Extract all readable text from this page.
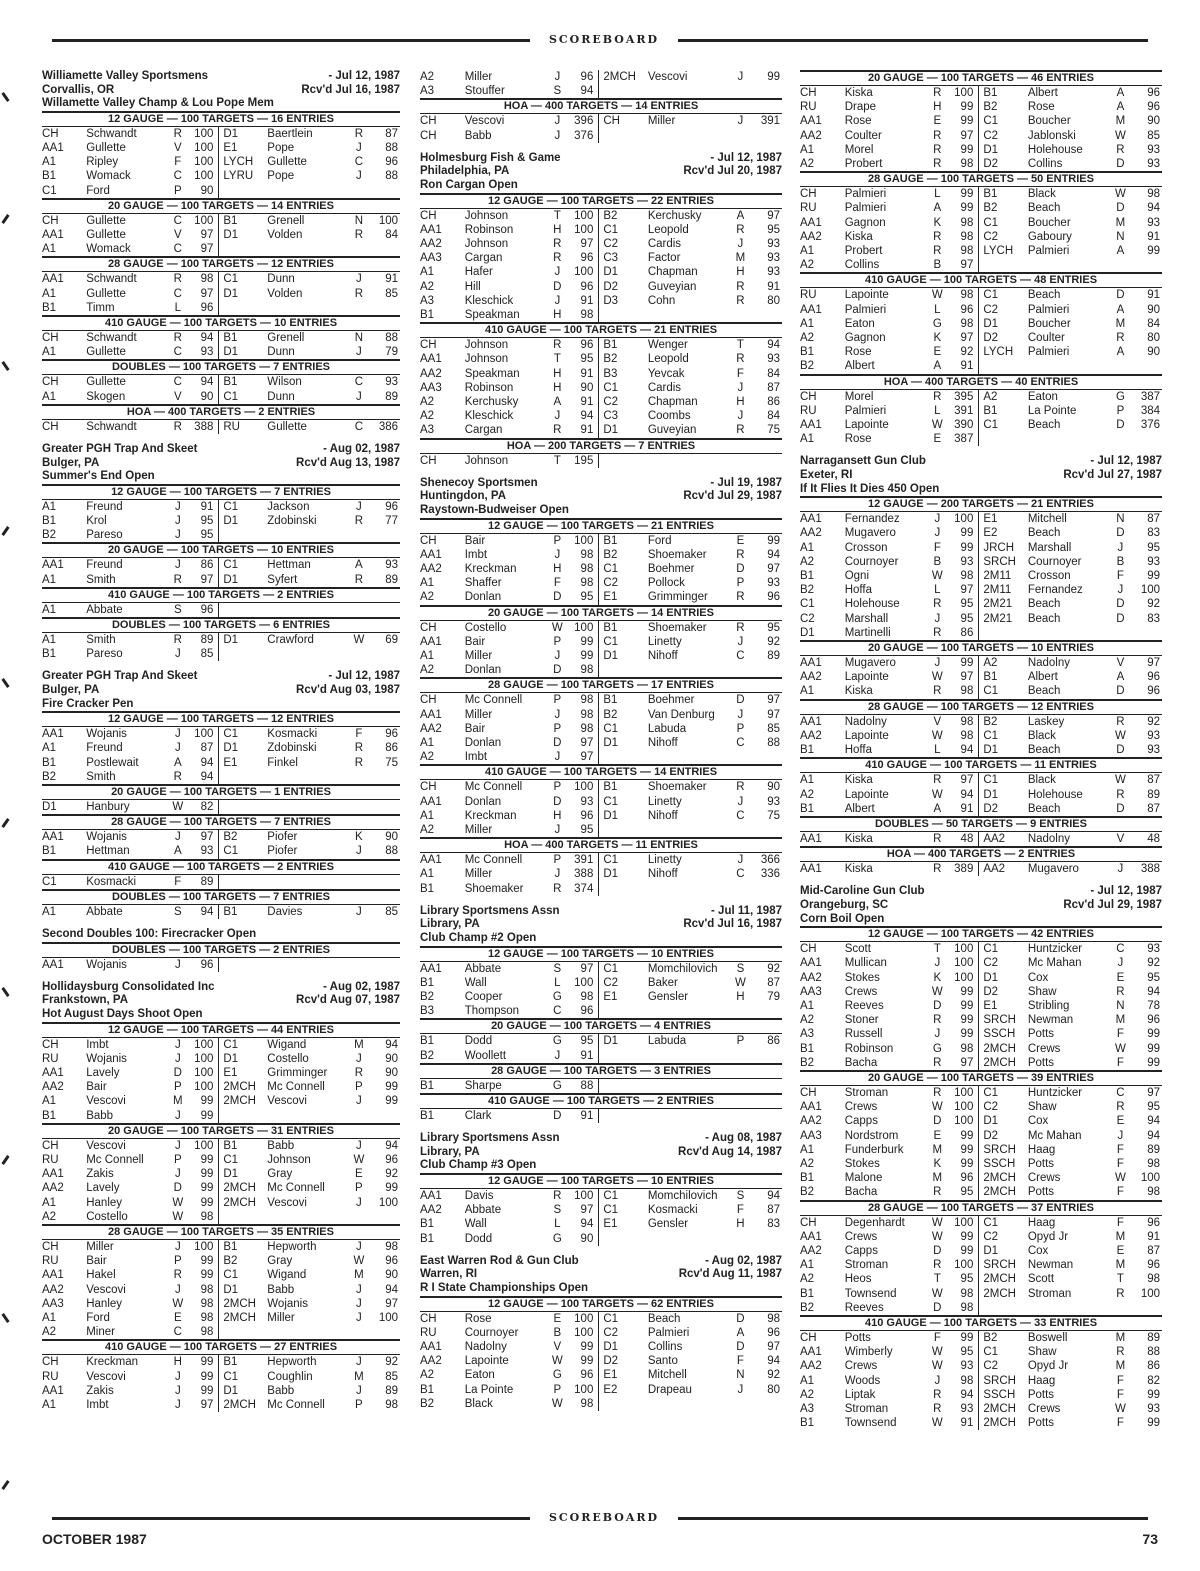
SCOREBOARD
Williamette Valley Sportsmens	- Jul 12, 1987
Corvallis, OR	Rcv'd Jul 16, 1987
Willamette Valley Champ & Lou Pope Mem
12 GAUGE — 100 TARGETS — 16 ENTRIES
CH	Schwandt	R	100	D1	Baertlein	R	87
AA1	Gullette	V	100	E1	Pope	J	88
A1	Ripley	F	100	LYCH	Gullette	C	96
B1	Womack	C	100	LYRU	Pope	J	88
C1	Ford	P	90				
20 GAUGE — 100 TARGETS — 14 ENTRIES
CH	Gullette	C	100	B1	Grenell	N	100
AA1	Gullette	V	97	D1	Volden	R	84
A1	Womack	C	97				
28 GAUGE — 100 TARGETS — 12 ENTRIES
AA1	Schwandt	R	98	C1	Dunn	J	91
A1	Gullette	C	97	D1	Volden	R	85
B1	Timm	L	96				
410 GAUGE — 100 TARGETS — 10 ENTRIES
CH	Schwandt	R	94	B1	Grenell	N	88
A1	Gullette	C	93	D1	Dunn	J	79
DOUBLES — 100 TARGETS — 7 ENTRIES
CH	Gullette	C	94	B1	Wilson	C	93
A1	Skogen	V	90	C1	Dunn	J	89
HOA — 400 TARGETS — 2 ENTRIES
CH	Schwandt	R	388	RU	Gullette	C	386
Greater PGH Trap And Skeet	- Aug 02, 1987
Bulger, PA	Rcv'd Aug 13, 1987
Summer's End Open
12 GAUGE — 100 TARGETS — 7 ENTRIES
A1	Freund	J	91	C1	Jackson	J	96
B1	Krol	J	95	D1	Zdobinski	R	77
B2	Pareso	J	95				
20 GAUGE — 100 TARGETS — 10 ENTRIES
AA1	Freund	J	86	C1	Hettman	A	93
A1	Smith	R	97	D1	Syfert	R	89
410 GAUGE — 100 TARGETS — 2 ENTRIES
A1	Abbate	S	96				
DOUBLES — 100 TARGETS — 6 ENTRIES
A1	Smith	R	89	D1	Crawford	W	69
B1	Pareso	J	85				
Greater PGH Trap And Skeet	- Jul 12, 1987
Bulger, PA	Rcv'd Aug 03, 1987
Fire Cracker Pen
12 GAUGE — 100 TARGETS — 12 ENTRIES
AA1	Wojanis	J	100	C1	Kosmacki	F	96
A1	Freund	J	87	D1	Zdobinski	R	86
B1	Postlewait	A	94	E1	Finkel	R	75
B2	Smith	R	94				
20 GAUGE — 100 TARGETS — 1 ENTRIES
D1	Hanbury	W	82				
28 GAUGE — 100 TARGETS — 7 ENTRIES
AA1	Wojanis	J	97	B2	Piofer	K	90
B1	Hettman	A	93	C1	Piofer	J	88
410 GAUGE — 100 TARGETS — 2 ENTRIES
C1	Kosmacki	F	89				
DOUBLES — 100 TARGETS — 7 ENTRIES
A1	Abbate	S	94	B1	Davies	J	85
Second Doubles 100: Firecracker Open
DOUBLES — 100 TARGETS — 2 ENTRIES
AA1	Wojanis	J	96				
Hollidaysburg Consolidated Inc	- Aug 02, 1987
Frankstown, PA	Rcv'd Aug 07, 1987
Hot August Days Shoot Open
12 GAUGE — 100 TARGETS — 44 ENTRIES
CH	Imbt	J	100	C1	Wigand	M	94
RU	Wojanis	J	100	D1	Costello	J	90
AA1	Lavely	D	100	E1	Grimminger	R	90
AA2	Bair	P	100	2MCH	Mc Connell	P	99
A1	Vescovi	M	99	2MCH	Vescovi	J	99
B1	Babb	J	99				
20 GAUGE — 100 TARGETS — 31 ENTRIES
CH	Vescovi	J	100	B1	Babb	J	94
RU	Mc Connell	P	99	C1	Johnson	W	96
AA1	Zakis	J	99	D1	Gray	E	92
AA2	Lavely	D	99	2MCH	Mc Connell	P	99
A1	Hanley	W	99	2MCH	Vescovi	J	100
A2	Costello	W	98				
28 GAUGE — 100 TARGETS — 35 ENTRIES
CH	Miller	J	100	B1	Hepworth	J	98
RU	Bair	P	99	B2	Gray	W	96
AA1	Hakel	R	99	C1	Wigand	M	90
AA2	Vescovi	J	98	D1	Babb	J	94
AA3	Hanley	W	98	2MCH	Wojanis	J	97
A1	Ford	E	98	2MCH	Miller	J	100
A2	Miner	C	98				
410 GAUGE — 100 TARGETS — 27 ENTRIES
CH	Kreckman	H	99	B1	Hepworth	J	92
RU	Vescovi	J	99	C1	Coughlin	M	85
AA1	Zakis	J	99	D1	Babb	J	89
A1	Imbt	J	97	2MCH	Mc Connell	P	98
A2	Miller	J	96	2MCH	Vescovi	J	99
A3	Stouffer	S	94				
HOA — 400 TARGETS — 14 ENTRIES
CH	Vescovi	J	396	CH	Miller	J	391
CH	Babb	J	376				
Holmesburg Fish & Game	- Jul 12, 1987
Philadelphia, PA	Rcv'd Jul 20, 1987
Ron Cargan Open
12 GAUGE — 100 TARGETS — 22 ENTRIES
CH	Johnson	T	100	B2	Kerchusky	A	97
AA1	Robinson	H	100	C1	Leopold	R	95
AA2	Johnson	R	97	C2	Cardis	J	93
AA3	Cargan	R	96	C3	Factor	M	93
A1	Hafer	J	100	D1	Chapman	H	93
A2	Hill	D	96	D2	Guveyian	R	91
A3	Kleschick	J	91	D3	Cohn	R	80
B1	Speakman	H	98				
410 GAUGE — 100 TARGETS — 21 ENTRIES
CH	Johnson	R	96	B1	Wenger	T	94
AA1	Johnson	T	95	B2	Leopold	R	93
AA2	Speakman	H	91	B3	Yevcak	F	84
AA3	Robinson	H	90	C1	Cardis	J	87
A2	Kerchusky	A	91	C2	Chapman	H	86
A2	Kleschick	J	94	C3	Coombs	J	84
A3	Cargan	R	91	D1	Guveyian	R	75
HOA — 200 TARGETS — 7 ENTRIES
CH	Johnson	T	195				
Shenecoy Sportsmen	- Jul 19, 1987
Huntingdon, PA	Rcv'd Jul 29, 1987
Raystown-Budweiser Open
12 GAUGE — 100 TARGETS — 21 ENTRIES
CH	Bair	P	100	B1	Ford	E	99
AA1	Imbt	J	98	B2	Shoemaker	R	94
AA2	Kreckman	H	98	C1	Boehmer	D	97
A1	Shaffer	F	98	C2	Pollock	P	93
A2	Donlan	D	95	E1	Grimminger	R	96
20 GAUGE — 100 TARGETS — 14 ENTRIES
CH	Costello	W	100	B1	Shoemaker	R	95
AA1	Bair	P	99	C1	Linetty	J	92
A1	Miller	J	99	D1	Nihoff	C	89
A2	Donlan	D	98				
28 GAUGE — 100 TARGETS — 17 ENTRIES
CH	Mc Connell	P	98	B1	Boehmer	D	97
AA1	Miller	J	98	B2	Van Denburg	J	97
AA2	Bair	P	98	C1	Labuda	P	85
A1	Donlan	D	97	D1	Nihoff	C	88
A2	Imbt	J	97				
410 GAUGE — 100 TARGETS — 14 ENTRIES
CH	Mc Connell	P	100	B1	Shoemaker	R	90
AA1	Donlan	D	93	C1	Linetty	J	93
A1	Kreckman	H	96	D1	Nihoff	C	75
A2	Miller	J	95				
HOA — 400 TARGETS — 11 ENTRIES
AA1	Mc Connell	P	391	C1	Linetty	J	366
A1	Miller	J	388	D1	Nihoff	C	336
B1	Shoemaker	R	374				
Library Sportsmens Assn	- Jul 11, 1987
Library, PA	Rcv'd Jul 16, 1987
Club Champ #2 Open
12 GAUGE — 100 TARGETS — 10 ENTRIES
AA1	Abbate	S	97	C1	Momchilovich	S	92
B1	Wall	L	100	C2	Baker	W	87
B2	Cooper	G	98	E1	Gensler	H	79
B3	Thompson	C	96				
20 GAUGE — 100 TARGETS — 4 ENTRIES
B1	Dodd	G	95	D1	Labuda	P	86
B2	Woollett	J	91				
28 GAUGE — 100 TARGETS — 3 ENTRIES
B1	Sharpe	G	88				
410 GAUGE — 100 TARGETS — 2 ENTRIES
B1	Clark	D	91				
Library Sportsmens Assn	- Aug 08, 1987
Library, PA	Rcv'd Aug 14, 1987
Club Champ #3 Open
12 GAUGE — 100 TARGETS — 10 ENTRIES
AA1	Davis	R	100	C1	Momchilovich	S	94
AA2	Abbate	S	97	C1	Kosmacki	F	87
B1	Wall	L	94	E1	Gensler	H	83
B1	Dodd	G	90				
East Warren Rod & Gun Club	- Aug 02, 1987
Warren, RI	Rcv'd Aug 11, 1987
R I State Championships Open
12 GAUGE — 100 TARGETS — 62 ENTRIES
CH	Rose	E	100	C1	Beach	D	98
RU	Cournoyer	B	100	C2	Palmieri	A	96
AA1	Nadolny	V	99	D1	Collins	D	97
AA2	Lapointe	W	99	D2	Santo	F	94
A2	Eaton	G	96	E1	Mitchell	N	92
B1	La Pointe	P	100	E2	Drapeau	J	80
B2	Black	W	98				
20 GAUGE — 100 TARGETS — 46 ENTRIES
CH	Kiska	R	100	B1	Albert	A	96
RU	Drape	H	99	B2	Rose	A	96
AA1	Rose	E	99	C1	Boucher	M	90
AA2	Coulter	R	97	C2	Jablonski	W	85
A1	Morel	R	99	D1	Holehouse	R	93
A2	Probert	R	98	D2	Collins	D	93
28 GAUGE — 100 TARGETS — 50 ENTRIES
CH	Palmieri	L	99	B1	Black	W	98
RU	Palmieri	A	99	B2	Beach	D	94
AA1	Gagnon	K	98	C1	Boucher	M	93
AA2	Kiska	R	98	C2	Gaboury	N	91
A1	Probert	R	98	LYCH	Palmieri	A	99
A2	Collins	B	97				
410 GAUGE — 100 TARGETS — 48 ENTRIES
RU	Lapointe	W	98	C1	Beach	D	91
AA1	Palmieri	L	96	C2	Palmieri	A	90
A1	Eaton	G	98	D1	Boucher	M	84
A2	Gagnon	K	97	D2	Coulter	R	80
B1	Rose	E	92	LYCH	Palmieri	A	90
B2	Albert	A	91				
HOA — 400 TARGETS — 40 ENTRIES
CH	Morel	R	395	A2	Eaton	G	387
RU	Palmieri	L	391	B1	La Pointe	P	384
AA1	Lapointe	W	390	C1	Beach	D	376
A1	Rose	E	387				
Narragansett Gun Club	- Jul 12, 1987
Exeter, RI	Rcv'd Jul 27, 1987
If It Flies It Dies 450 Open
12 GAUGE — 200 TARGETS — 21 ENTRIES
AA1	Fernandez	J	100	E1	Mitchell	N	87
AA2	Mugavero	J	99	E2	Beach	D	83
A1	Crosson	F	99	JRCH	Marshall	J	95
A2	Cournoyer	B	93	SRCH	Cournoyer	B	93
B1	Ogni	W	98	2M11	Crosson	F	99
B2	Hoffa	L	97	2M11	Fernandez	J	100
C1	Holehouse	R	95	2M21	Beach	D	92
C2	Marshall	J	95	2M21	Beach	D	83
D1	Martinelli	R	86				
20 GAUGE — 100 TARGETS — 10 ENTRIES
AA1	Mugavero	J	99	A2	Nadolny	V	97
AA2	Lapointe	W	97	B1	Albert	A	96
A1	Kiska	R	98	C1	Beach	D	96
28 GAUGE — 100 TARGETS — 12 ENTRIES
AA1	Nadolny	V	98	B2	Laskey	R	92
AA2	Lapointe	W	98	C1	Black	W	93
B1	Hoffa	L	94	D1	Beach	D	93
410 GAUGE — 100 TARGETS — 11 ENTRIES
A1	Kiska	R	97	C1	Black	W	87
A2	Lapointe	W	94	D1	Holehouse	R	89
B1	Albert	A	91	D2	Beach	D	87
DOUBLES — 50 TARGETS — 9 ENTRIES
AA1	Kiska	R	48	AA2	Nadolny	V	48
HOA — 400 TARGETS — 2 ENTRIES
AA1	Kiska	R	389	AA2	Mugavero	J	388
Mid-Caroline Gun Club	- Jul 12, 1987
Orangeburg, SC	Rcv'd Jul 29, 1987
Corn Boil Open
12 GAUGE — 100 TARGETS — 42 ENTRIES
CH	Scott	T	100	C1	Huntzicker	C	93
AA1	Mullican	J	100	C2	Mc Mahan	J	92
AA2	Stokes	K	100	D1	Cox	E	95
AA3	Crews	W	99	D2	Shaw	R	94
A1	Reeves	D	99	E1	Stribling	N	78
A2	Stoner	R	99	SRCH	Newman	M	96
A3	Russell	J	99	SSCH	Potts	F	99
B1	Robinson	G	98	2MCH	Crews	W	99
B2	Bacha	R	97	2MCH	Potts	F	99
20 GAUGE — 100 TARGETS — 39 ENTRIES
CH	Stroman	R	100	C1	Huntzicker	C	97
AA1	Crews	W	100	C2	Shaw	R	95
AA2	Capps	D	100	D1	Cox	E	94
AA3	Nordstrom	E	99	D2	Mc Mahan	J	94
A1	Funderburk	M	99	SRCH	Haag	F	89
A2	Stokes	K	99	SSCH	Potts	F	98
B1	Malone	M	96	2MCH	Crews	W	100
B2	Bacha	R	95	2MCH	Potts	F	98
28 GAUGE — 100 TARGETS — 37 ENTRIES
CH	Degenhardt	W	100	C1	Haag	F	96
AA1	Crews	W	99	C2	Opyd Jr	M	91
AA2	Capps	D	99	D1	Cox	E	87
A1	Stroman	R	100	SRCH	Newman	M	96
A2	Heos	T	95	2MCH	Scott	T	98
B1	Townsend	W	98	2MCH	Stroman	R	100
B2	Reeves	D	98				
410 GAUGE — 100 TARGETS — 33 ENTRIES
CH	Potts	F	99	B2	Boswell	M	89
AA1	Wimberly	W	95	C1	Shaw	R	88
AA2	Crews	W	93	C2	Opyd Jr	M	86
A1	Woods	J	98	SRCH	Haag	F	82
A2	Liptak	R	94	SSCH	Potts	F	99
A3	Stroman	R	93	2MCH	Crews	W	93
B1	Townsend	W	91	2MCH	Potts	F	99
SCOREBOARD
OCTOBER 1987	73
